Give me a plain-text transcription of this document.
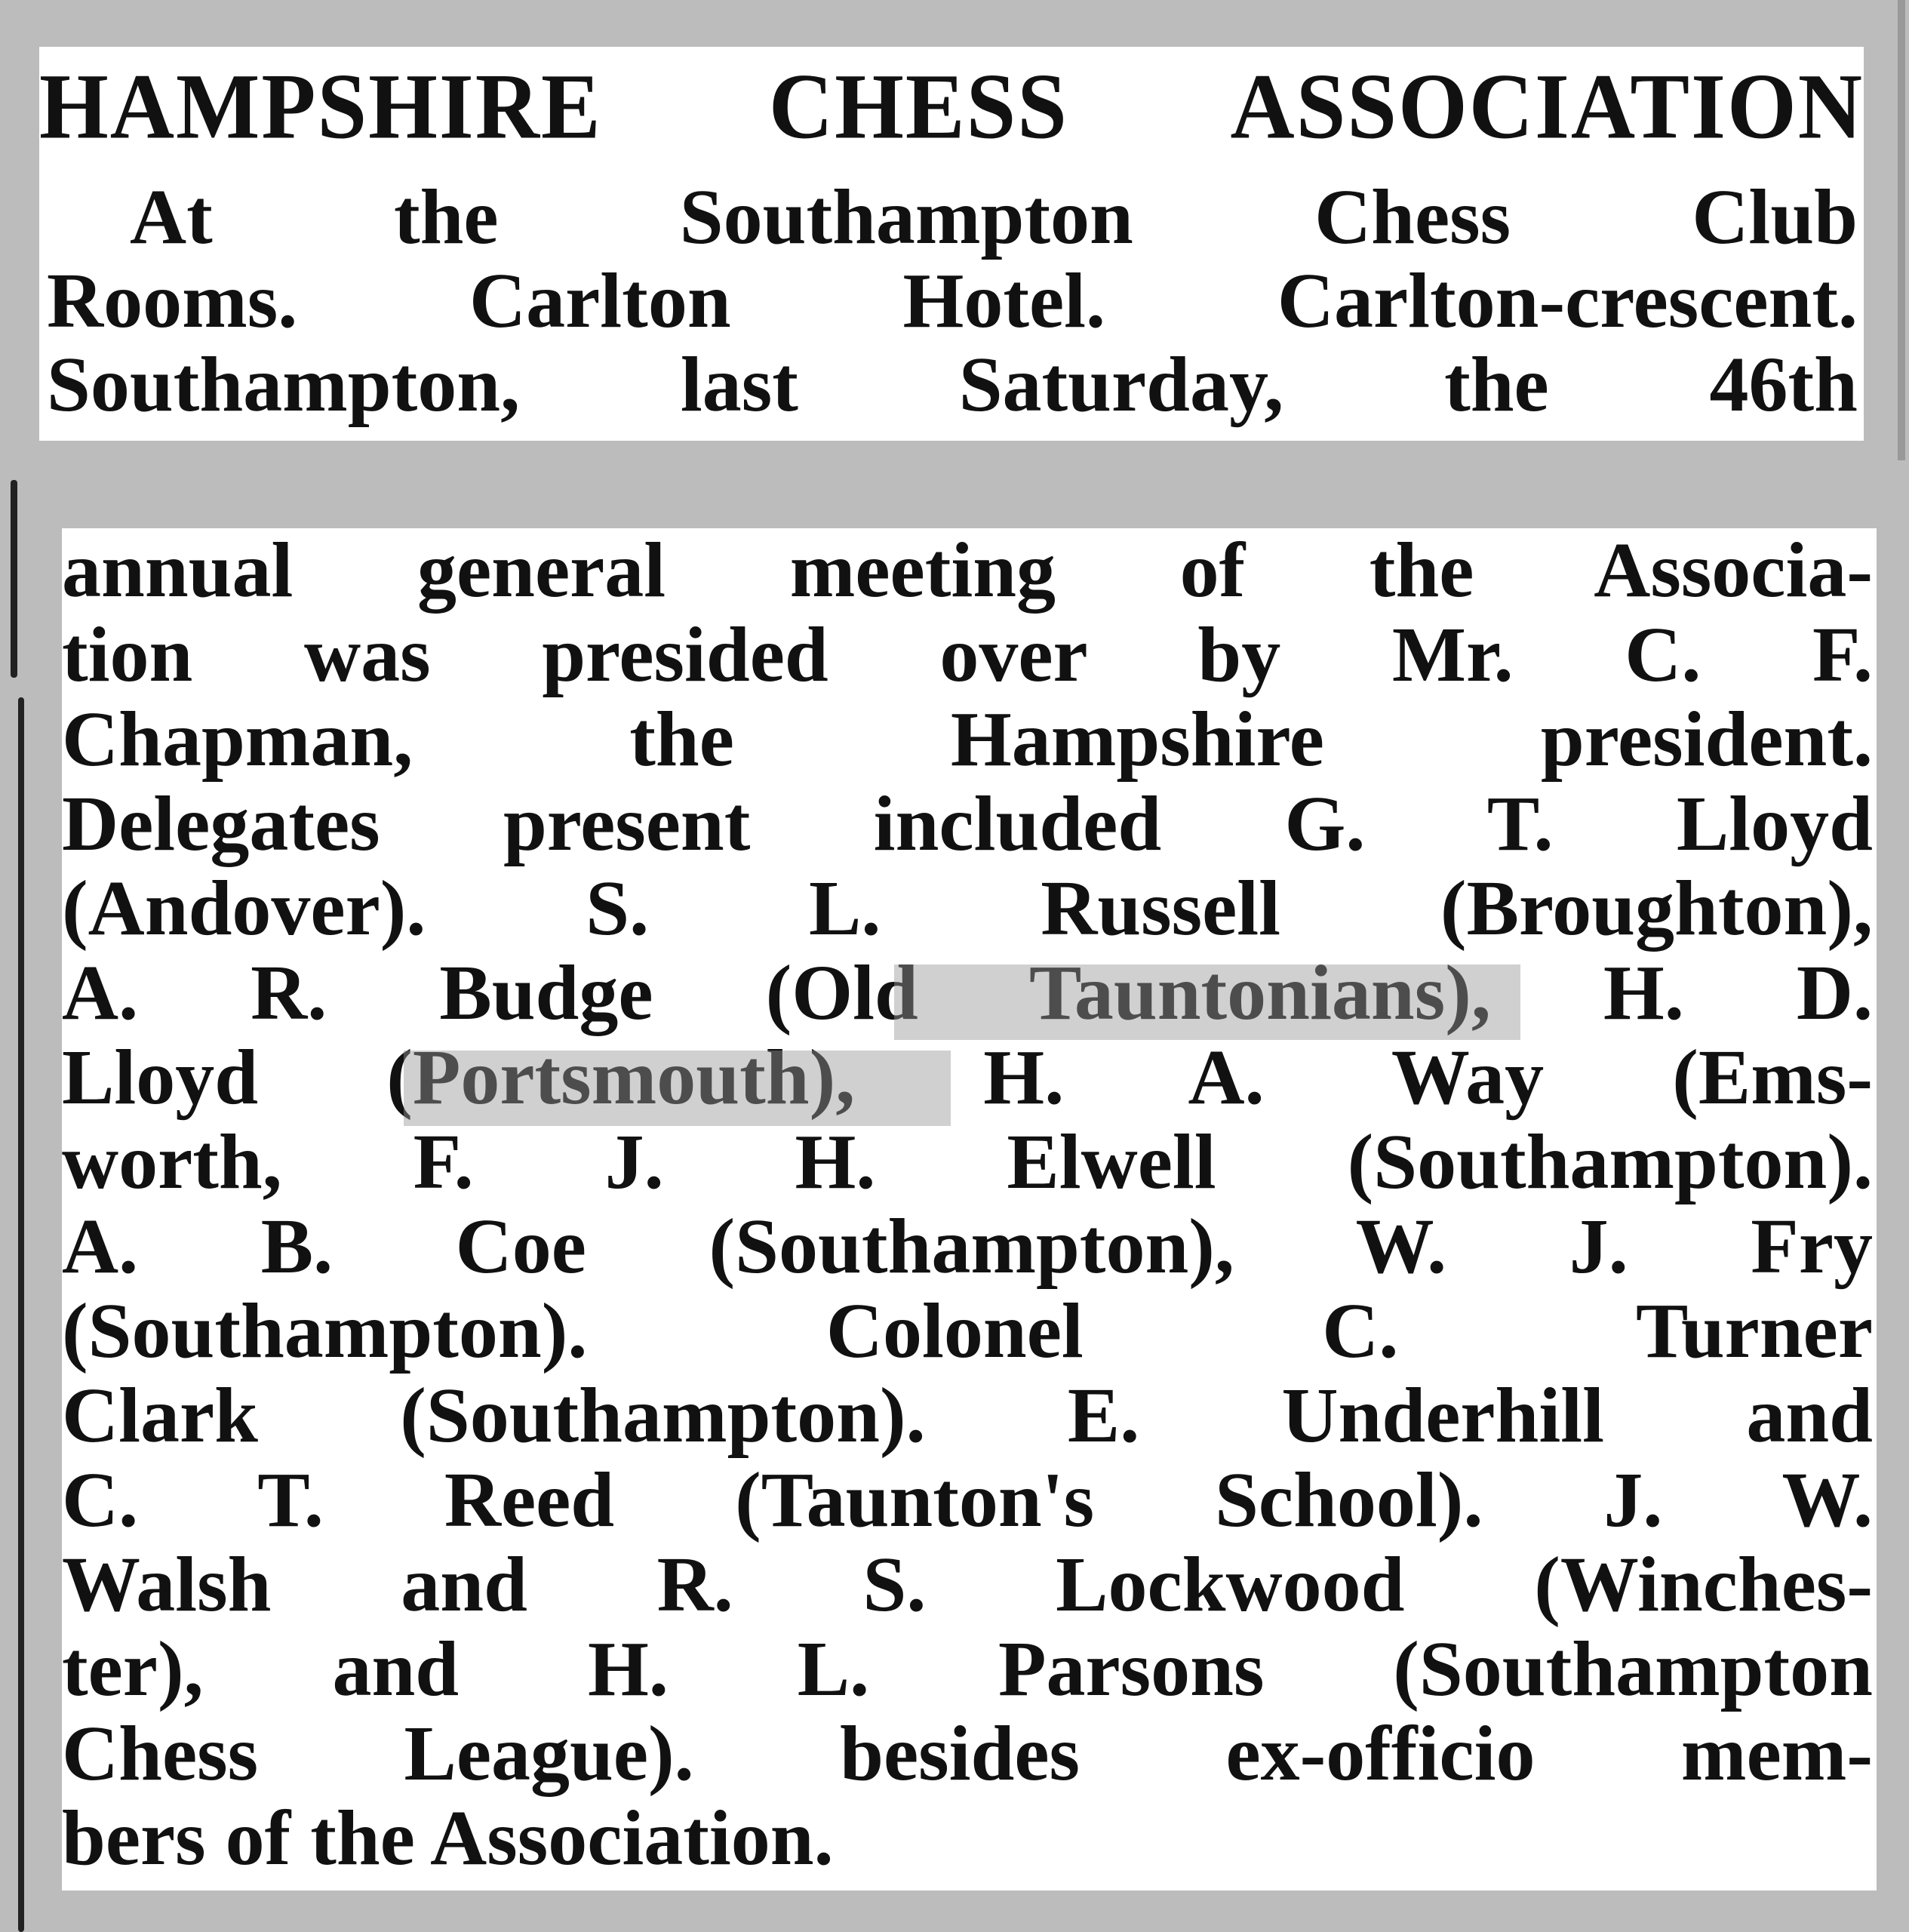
HAMPSHIRE CHESS ASSOCIATION
At the Southampton Chess Club
Rooms. Carlton Hotel. Carlton-crescent.
Southampton, last Saturday, the 46th
annual general meeting of the Associa-
tion was presided over by Mr. C. F.
Chapman, the Hampshire president.
Delegates present included G. T. Lloyd
(Andover). S. L. Russell (Broughton),
A. R. Budge (Old Tauntonians), H. D.
Lloyd (Portsmouth), H. A. Way (Ems-
worth, F. J. H. Elwell (Southampton).
A. B. Coe (Southampton), W. J. Fry
(Southampton). Colonel C. Turner
Clark (Southampton). E. Underhill and
C. T. Reed (Taunton's School). J. W.
Walsh and R. S. Lockwood (Winches-
ter), and H. L. Parsons (Southampton
Chess League). besides ex-officio mem-
bers of the Association.
